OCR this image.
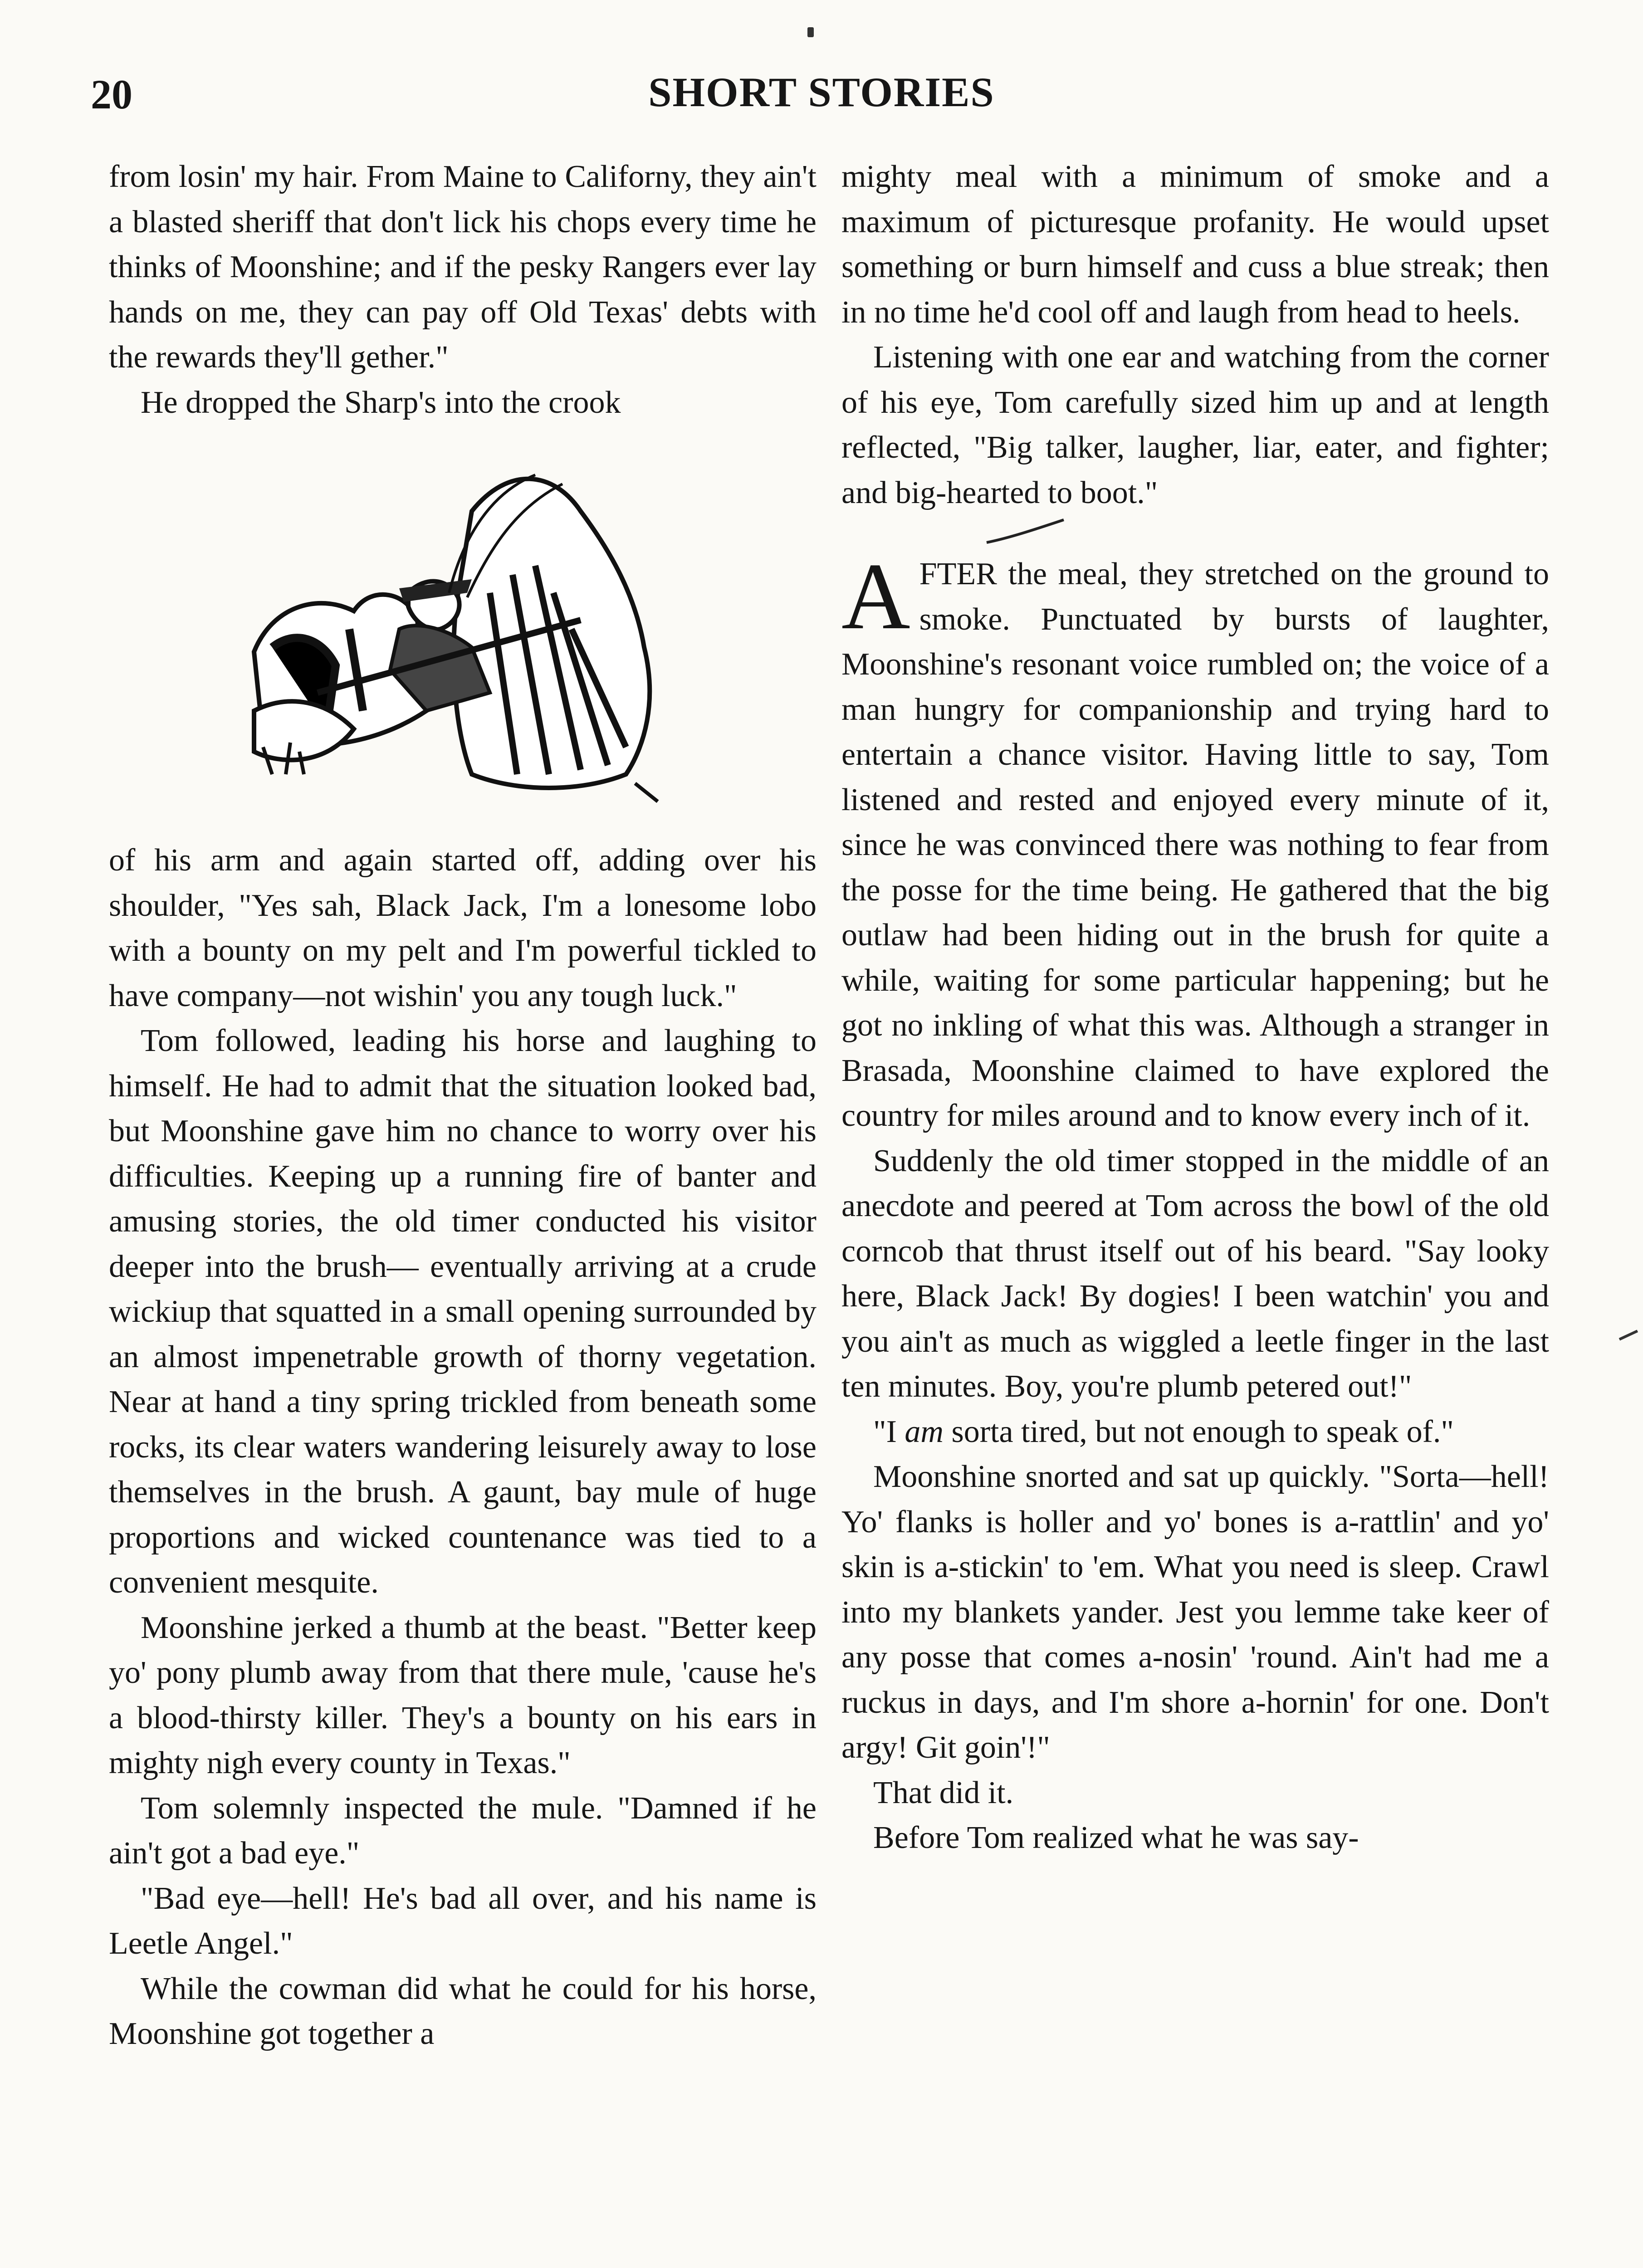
20	SHORT STORIES

from losin' my hair. From Maine to Californy, they ain't a blasted sheriff that don't lick his chops every time he thinks of Moonshine; and if the pesky Rangers ever lay hands on me, they can pay off Old Texas' debts with the rewards they'll gether."

He dropped the Sharp's into the crook

of his arm and again started off, adding over his shoulder, "Yes sah, Black Jack, I'm a lonesome lobo with a bounty on my pelt and I'm powerful tickled to have company—not wishin' you any tough luck."

Tom followed, leading his horse and laughing to himself. He had to admit that the situation looked bad, but Moonshine gave him no chance to worry over his difficulties. Keeping up a running fire of banter and amusing stories, the old timer conducted his visitor deeper into the brush— eventually arriving at a crude wickiup that squatted in a small opening surrounded by an almost impenetrable growth of thorny vegetation. Near at hand a tiny spring trickled from beneath some rocks, its clear waters wandering leisurely away to lose themselves in the brush. A gaunt, bay mule of huge proportions and wicked countenance was tied to a convenient mesquite.

Moonshine jerked a thumb at the beast. "Better keep yo' pony plumb away from that there mule, 'cause he's a blood-thirsty killer. They's a bounty on his ears in mighty nigh every county in Texas."

Tom solemnly inspected the mule. "Damned if he ain't got a bad eye."

"Bad eye—hell! He's bad all over, and his name is Leetle Angel."

While the cowman did what he could for his horse, Moonshine got together a

mighty meal with a minimum of smoke and a maximum of picturesque profanity. He would upset something or burn himself and cuss a blue streak; then in no time he'd cool off and laugh from head to heels.

Listening with one ear and watching from the corner of his eye, Tom carefully sized him up and at length reflected, "Big talker, laugher, liar, eater, and fighter; and big-hearted to boot."

AFTER the meal, they stretched on the ground to smoke. Punctuated by bursts of laughter, Moonshine's resonant voice rumbled on; the voice of a man hungry for companionship and trying hard to entertain a chance visitor. Having little to say, Tom listened and rested and enjoyed every minute of it, since he was convinced there was nothing to fear from the posse for the time being. He gathered that the big outlaw had been hiding out in the brush for quite a while, waiting for some particular happening; but he got no inkling of what this was. Although a stranger in Brasada, Moonshine claimed to have explored the country for miles around and to know every inch of it.

Suddenly the old timer stopped in the middle of an anecdote and peered at Tom across the bowl of the old corncob that thrust itself out of his beard. "Say looky here, Black Jack! By dogies! I been watchin' you and you ain't as much as wiggled a leetle finger in the last ten minutes. Boy, you're plumb petered out!"

"I am sorta tired, but not enough to speak of."

Moonshine snorted and sat up quickly. "Sorta—hell! Yo' flanks is holler and yo' bones is a-rattlin' and yo' skin is a-stickin' to 'em. What you need is sleep. Crawl into my blankets yander. Jest you lemme take keer of any posse that comes a-nosin' 'round. Ain't had me a ruckus in days, and I'm shore a-hornin' for one. Don't argy! Git goin'!"

That did it.

Before Tom realized what he was say-
